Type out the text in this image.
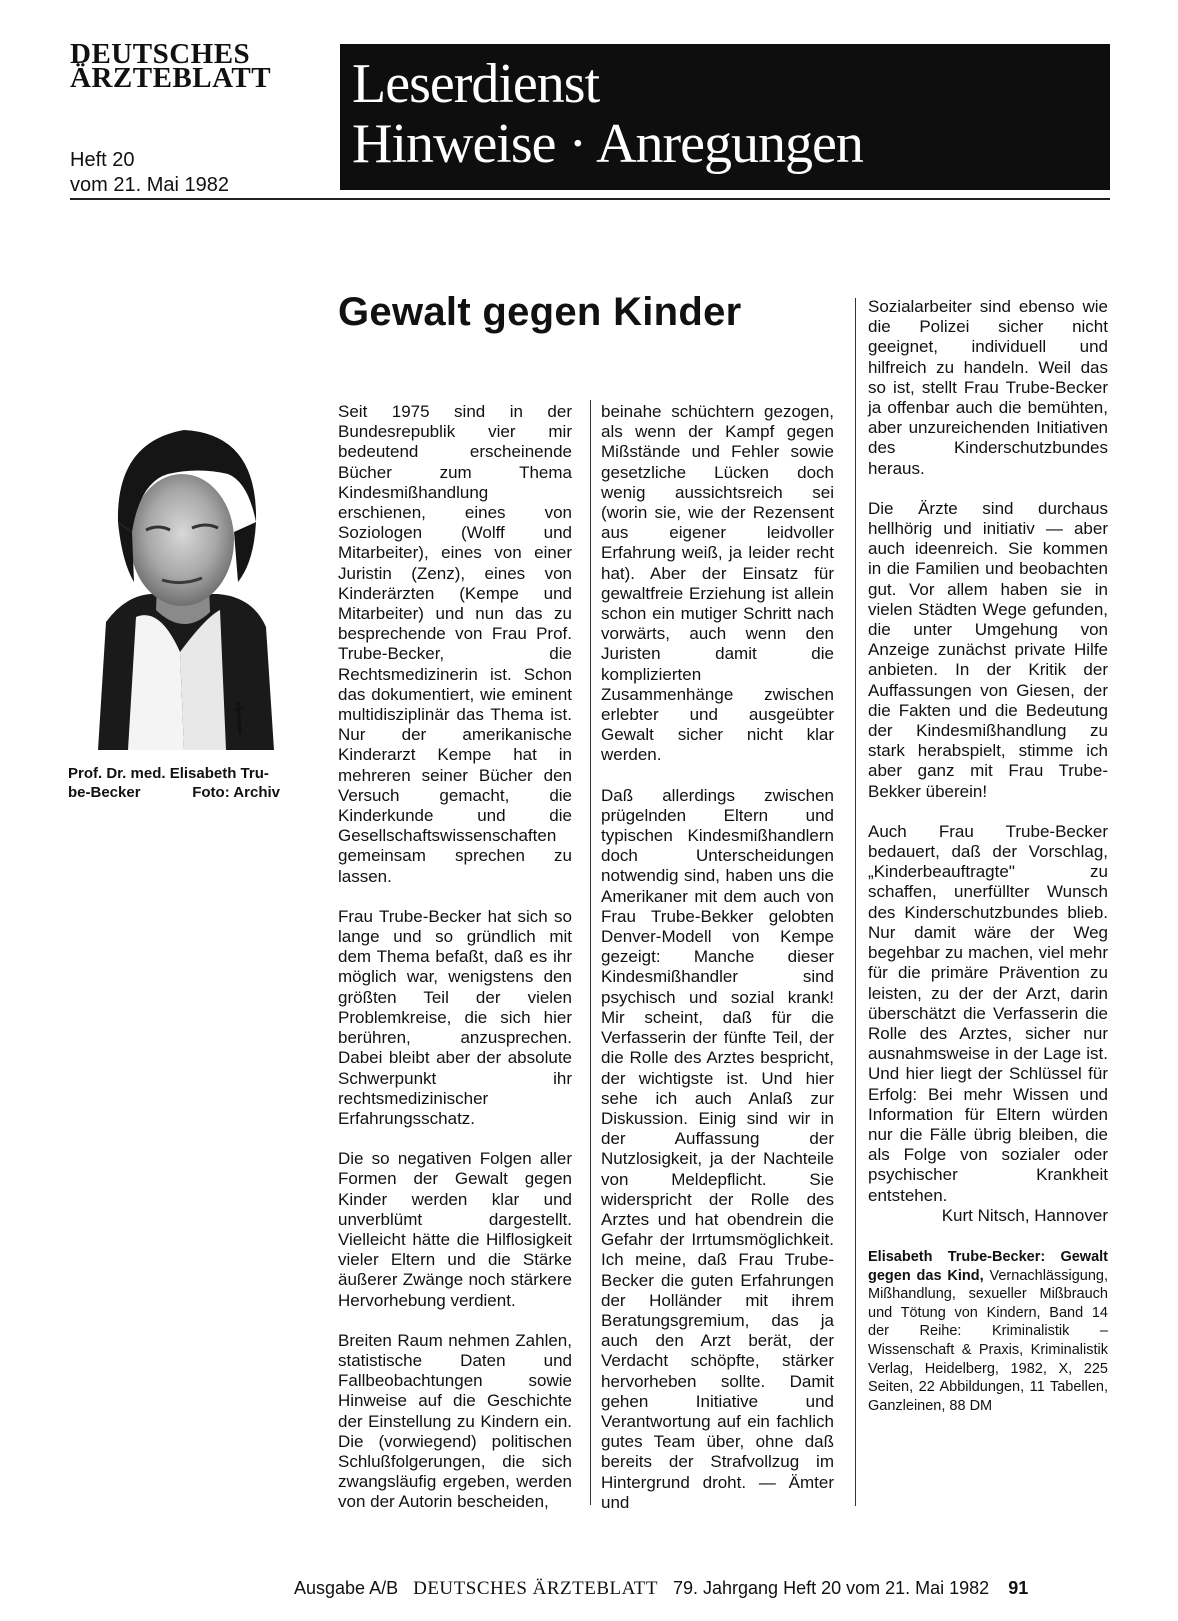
DEUTSCHES
ÄRZTEBLATT
Heft 20
vom 21. Mai 1982
Leserdienst
Hinweise · Anregungen
Gewalt gegen Kinder
Prof. Dr. med. Elisabeth Tru-be-Becker	Foto: Archiv

Seit 1975 sind in der Bundesrepublik vier mir bedeutend erscheinende Bücher zum Thema Kindesmißhandlung erschienen, eines von Soziologen (Wolff und Mitarbeiter), eines von einer Juristin (Zenz), eines von Kinderärzten (Kempe und Mitarbeiter) und nun das zu besprechende von Frau Prof. Trube-Becker, die Rechtsmedizinerin ist. Schon das dokumentiert, wie eminent multidisziplinär das Thema ist. Nur der amerikanische Kinderarzt Kempe hat in mehreren seiner Bücher den Versuch gemacht, die Kinderkunde und die Gesellschaftswissenschaften gemeinsam sprechen zu lassen.

Frau Trube-Becker hat sich so lange und so gründlich mit dem Thema befaßt, daß es ihr möglich war, wenigstens den größten Teil der vielen Problemkreise, die sich hier berühren, anzusprechen. Dabei bleibt aber der absolute Schwerpunkt ihr rechtsmedizinischer Erfahrungsschatz.

Die so negativen Folgen aller Formen der Gewalt gegen Kinder werden klar und unverblümt dargestellt. Vielleicht hätte die Hilflosigkeit vieler Eltern und die Stärke äußerer Zwänge noch stärkere Hervorhebung verdient.

Breiten Raum nehmen Zahlen, statistische Daten und Fallbeobachtungen sowie Hinweise auf die Geschichte der Einstellung zu Kindern ein. Die (vorwiegend) politischen Schlußfolgerungen, die sich zwangsläufig ergeben, werden von der Autorin bescheiden,

beinahe schüchtern gezogen, als wenn der Kampf gegen Mißstände und Fehler sowie gesetzliche Lücken doch wenig aussichtsreich sei (worin sie, wie der Rezensent aus eigener leidvoller Erfahrung weiß, ja leider recht hat). Aber der Einsatz für gewaltfreie Erziehung ist allein schon ein mutiger Schritt nach vorwärts, auch wenn den Juristen damit die komplizierten Zusammenhänge zwischen erlebter und ausgeübter Gewalt sicher nicht klar werden.

Daß allerdings zwischen prügelnden Eltern und typischen Kindesmißhandlern doch Unterscheidungen notwendig sind, haben uns die Amerikaner mit dem auch von Frau Trube-Bekker gelobten Denver-Modell von Kempe gezeigt: Manche dieser Kindesmißhandler sind psychisch und sozial krank! Mir scheint, daß für die Verfasserin der fünfte Teil, der die Rolle des Arztes bespricht, der wichtigste ist. Und hier sehe ich auch Anlaß zur Diskussion. Einig sind wir in der Auffassung der Nutzlosigkeit, ja der Nachteile von Meldepflicht. Sie widerspricht der Rolle des Arztes und hat obendrein die Gefahr der Irrtumsmöglichkeit. Ich meine, daß Frau Trube-Becker die guten Erfahrungen der Holländer mit ihrem Beratungsgremium, das ja auch den Arzt berät, der Verdacht schöpfte, stärker hervorheben sollte. Damit gehen Initiative und Verantwortung auf ein fachlich gutes Team über, ohne daß bereits der Strafvollzug im Hintergrund droht. — Ämter und

Sozialarbeiter sind ebenso wie die Polizei sicher nicht geeignet, individuell und hilfreich zu handeln. Weil das so ist, stellt Frau Trube-Becker ja offenbar auch die bemühten, aber unzureichenden Initiativen des Kinderschutzbundes heraus.

Die Ärzte sind durchaus hellhörig und initiativ — aber auch ideenreich. Sie kommen in die Familien und beobachten gut. Vor allem haben sie in vielen Städten Wege gefunden, die unter Umgehung von Anzeige zunächst private Hilfe anbieten. In der Kritik der Auffassungen von Giesen, der die Fakten und die Bedeutung der Kindesmißhandlung zu stark herabspielt, stimme ich aber ganz mit Frau Trube-Bekker überein!

Auch Frau Trube-Becker bedauert, daß der Vorschlag, „Kinderbeauftragte" zu schaffen, unerfüllter Wunsch des Kinderschutzbundes blieb. Nur damit wäre der Weg begehbar zu machen, viel mehr für die primäre Prävention zu leisten, zu der der Arzt, darin überschätzt die Verfasserin die Rolle des Arztes, sicher nur ausnahmsweise in der Lage ist. Und hier liegt der Schlüssel für Erfolg: Bei mehr Wissen und Information für Eltern würden nur die Fälle übrig bleiben, die als Folge von sozialer oder psychischer Krankheit entstehen.

Kurt Nitsch, Hannover
Elisabeth Trube-Becker: Gewalt gegen das Kind, Vernachlässigung, Mißhandlung, sexueller Mißbrauch und Tötung von Kindern, Band 14 der Reihe: Kriminalistik – Wissenschaft & Praxis, Kriminalistik Verlag, Heidelberg, 1982, X, 225 Seiten, 22 Abbildungen, 11 Tabellen, Ganzleinen, 88 DM
Ausgabe A/B DEUTSCHES ÄRZTEBLATT 79. Jahrgang Heft 20 vom 21. Mai 1982 91
